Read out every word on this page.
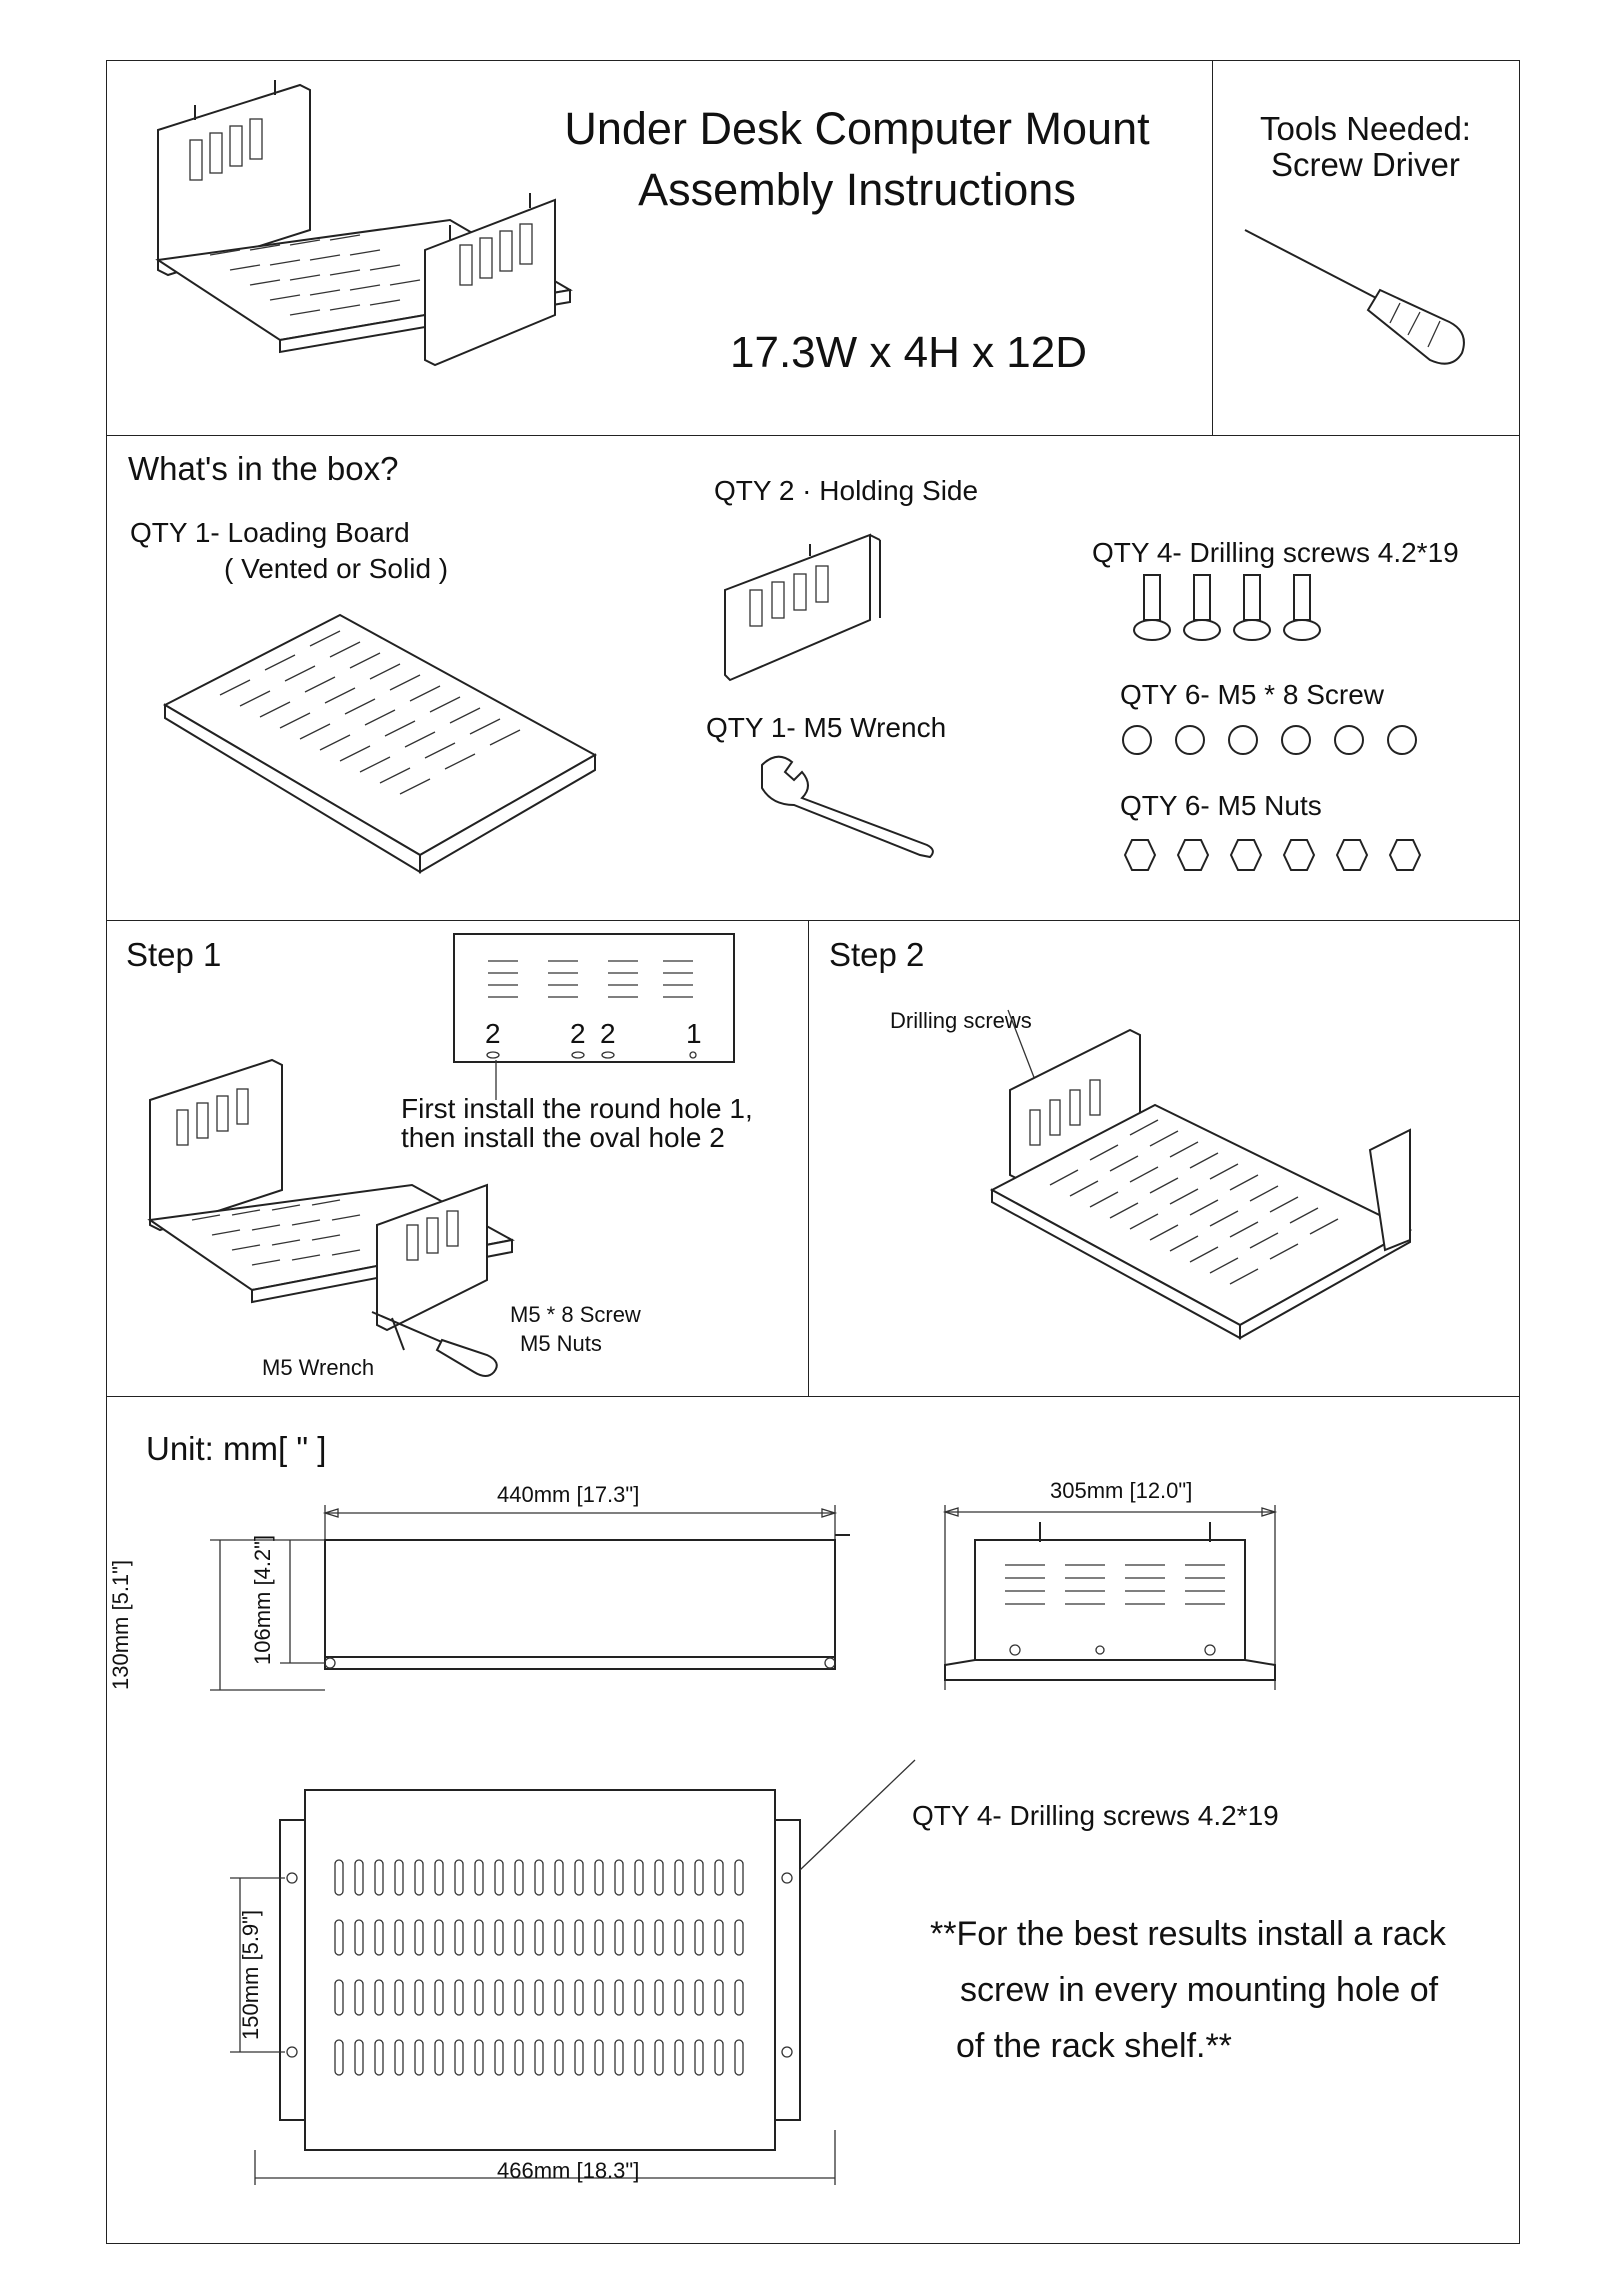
Under Desk Computer Mount
Assembly Instructions
17.3W x 4H x 12D
Tools Needed:
Screw Driver
What's in the box?
QTY 1- Loading Board
( Vented or Solid )
QTY 2 · Holding Side
QTY 1- M5 Wrench
QTY 4- Drilling screws 4.2*19
QTY 6- M5 * 8 Screw
QTY 6- M5 Nuts
Step 1
2 2 2	1
First install the round hole 1,
then install the oval hole 2
M5 * 8 Screw
M5 Nuts
M5 Wrench
Step 2
Drilling screws
Unit: mm[ " ]
440mm [17.3"]
130mm [5.1"]	106mm [4.2"]
305mm [12.0"]
150mm [5.9"]
466mm [18.3"]
QTY 4- Drilling screws 4.2*19
**For the best results install a rack
screw in every mounting hole of
of the rack shelf.**
